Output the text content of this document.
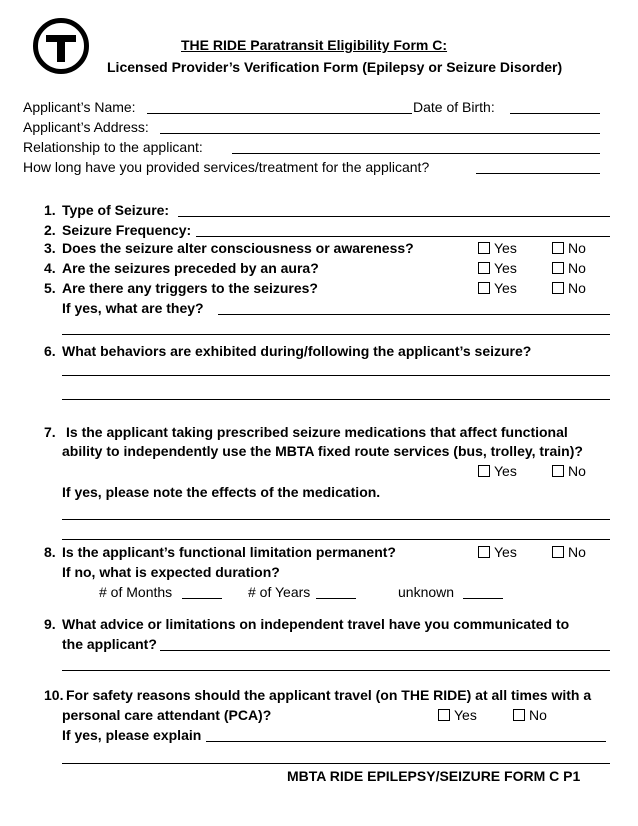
THE RIDE Paratransit Eligibility Form C:
Licensed Provider’s Verification Form (Epilepsy or Seizure Disorder)
Applicant’s Name:	Date of Birth:
Applicant’s Address:
Relationship to the applicant:
How long have you provided services/treatment for the applicant?
1. Type of Seizure:
2. Seizure Frequency:
3. Does the seizure alter consciousness or awareness?	Yes	No
4. Are the seizures preceded by an aura?	Yes	No
5. Are there any triggers to the seizures?	Yes	No
If yes, what are they?
6. What behaviors are exhibited during/following the applicant’s seizure?
7. Is the applicant taking prescribed seizure medications that affect functional
ability to independently use the MBTA fixed route services (bus, trolley, train)?
Yes	No
If yes, please note the effects of the medication.
8. Is the applicant’s functional limitation permanent?	Yes	No
If no, what is expected duration?
# of Months	# of Years	unknown
9. What advice or limitations on independent travel have you communicated to
the applicant?
10. For safety reasons should the applicant travel (on THE RIDE) at all times with a
personal care attendant (PCA)?	Yes	No
If yes, please explain
MBTA RIDE EPILEPSY/SEIZURE FORM C P1
